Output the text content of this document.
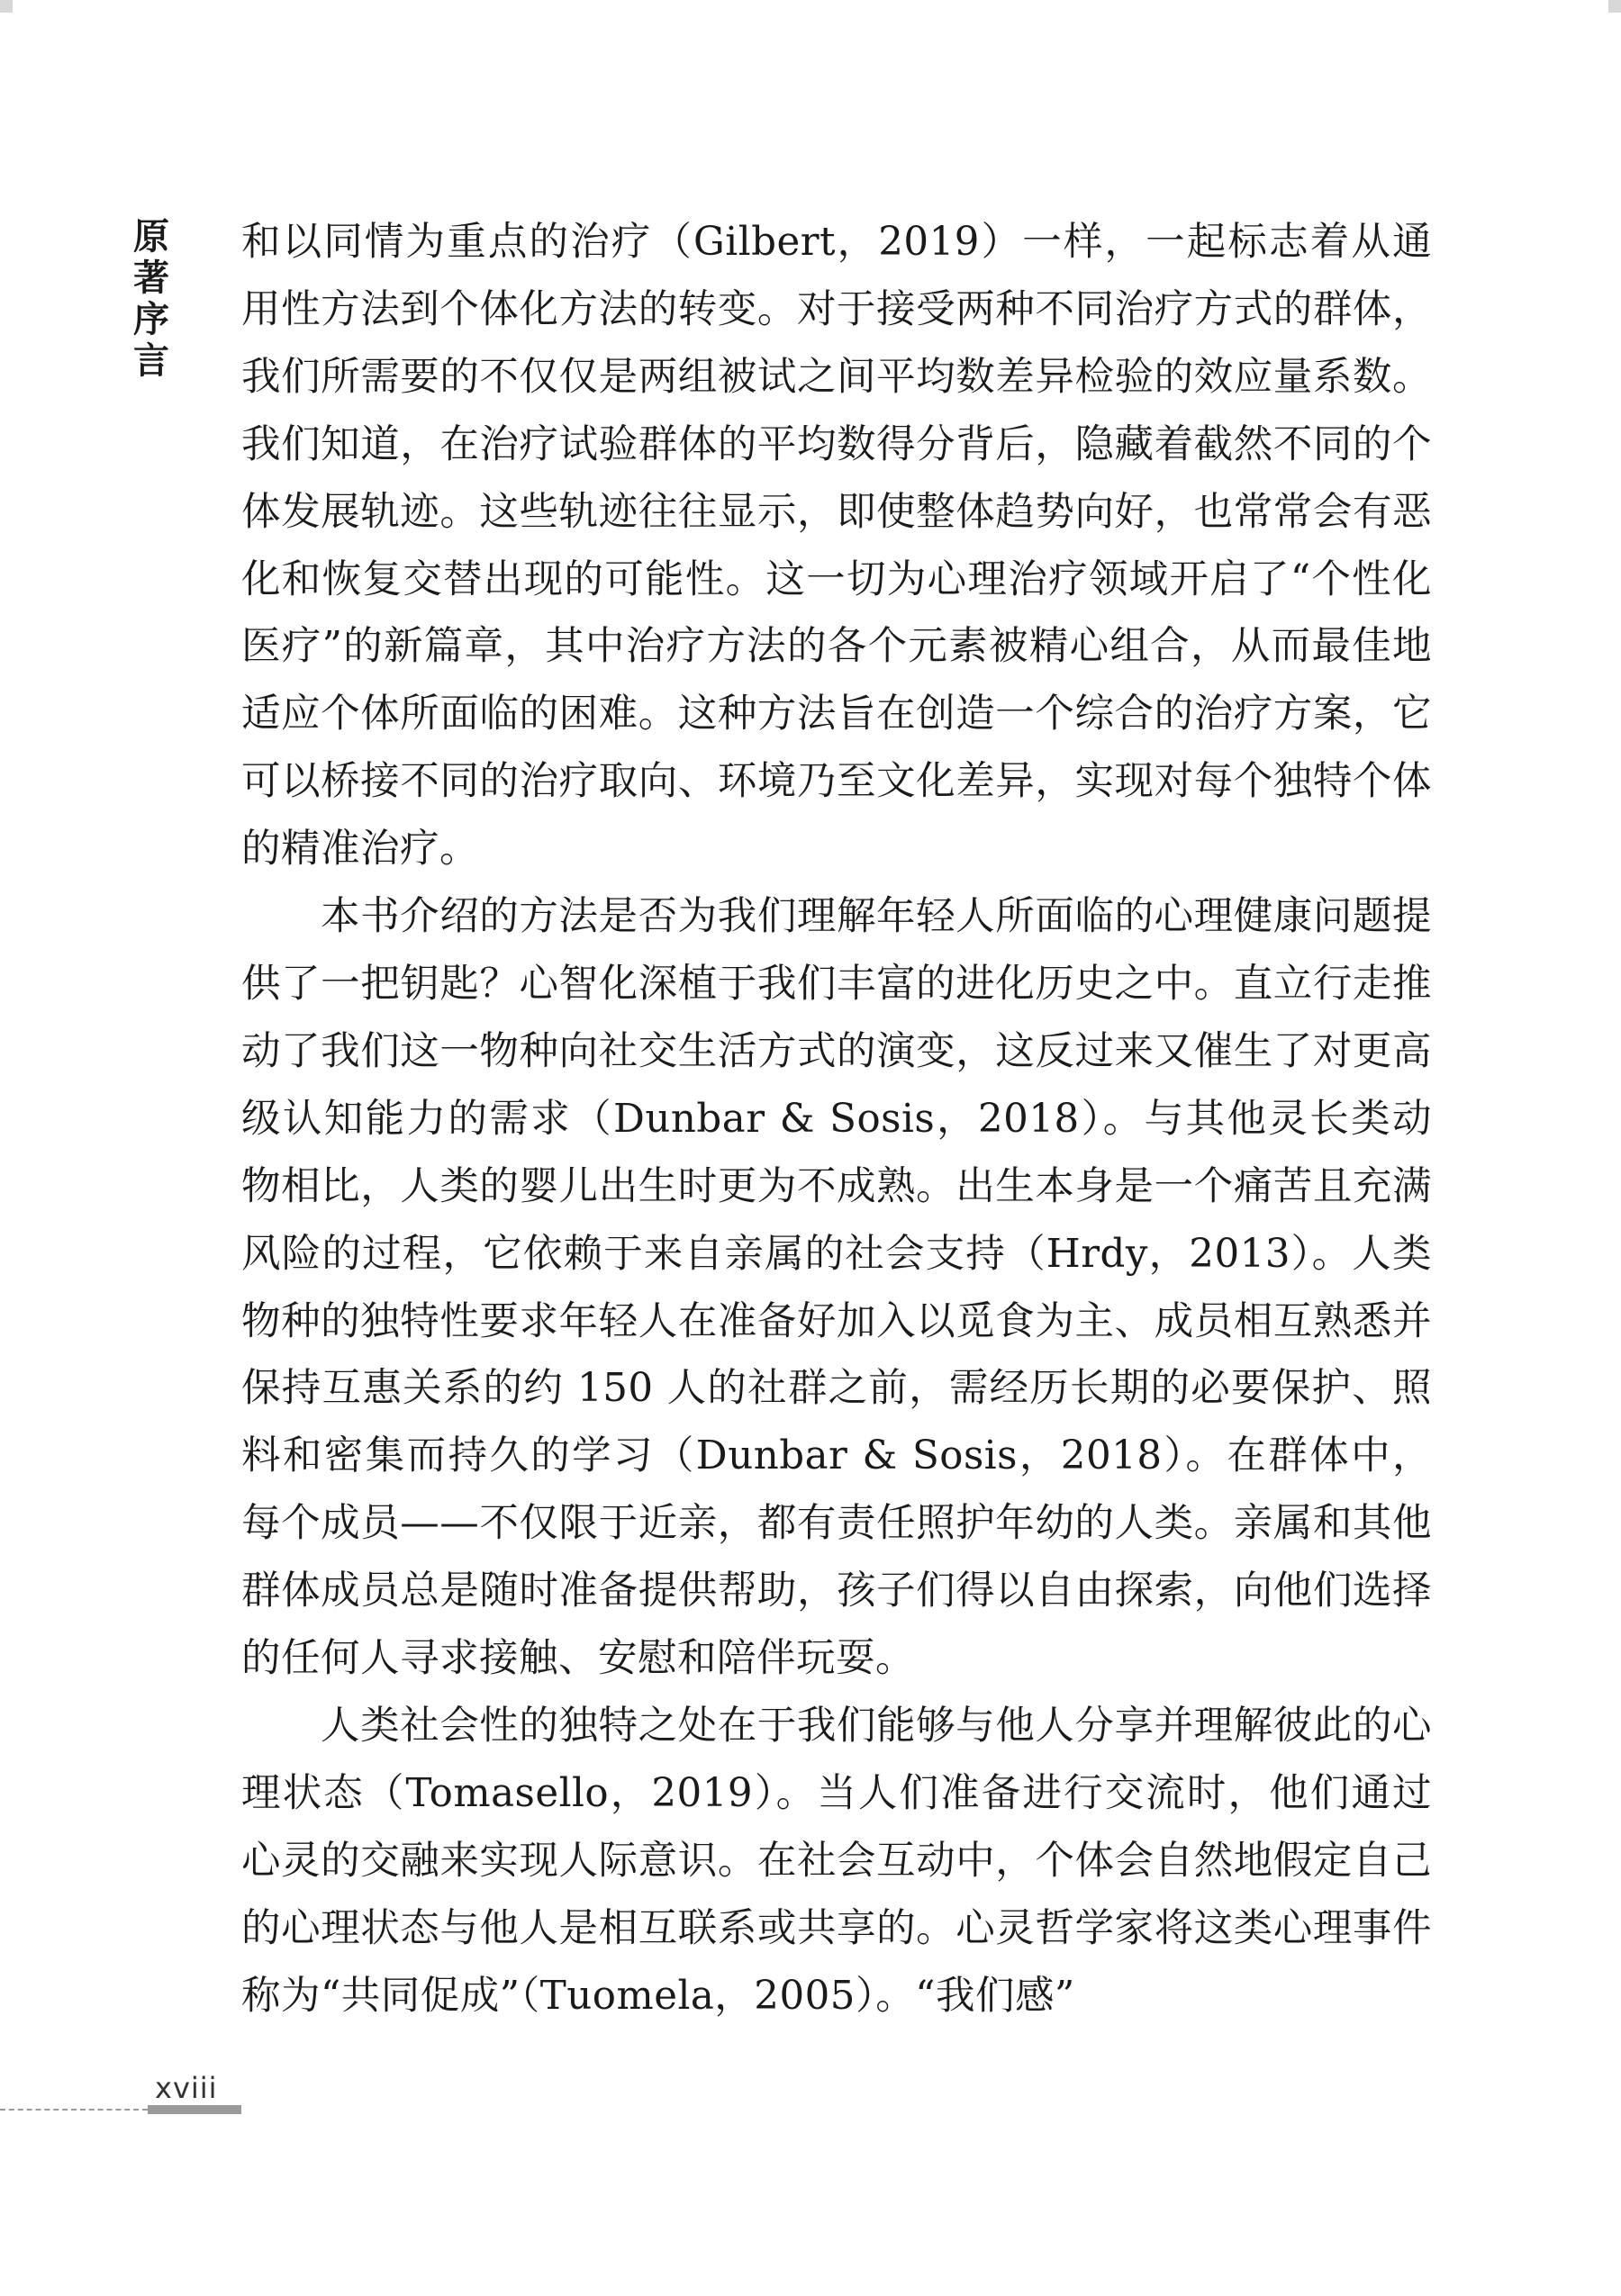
原
著
序
言

和以同情为重点的治疗（Gilbert，2019）一样，一起标志着从通用性方法到个体化方法的转变。对于接受两种不同治疗方式的群体，我们所需要的不仅仅是两组被试之间平均数差异检验的效应量系数。我们知道，在治疗试验群体的平均数得分背后，隐藏着截然不同的个体发展轨迹。这些轨迹往往显示，即使整体趋势向好，也常常会有恶化和恢复交替出现的可能性。这一切为心理治疗领域开启了“个性化医疗”的新篇章，其中治疗方法的各个元素被精心组合，从而最佳地适应个体所面临的困难。这种方法旨在创造一个综合的治疗方案，它可以桥接不同的治疗取向、环境乃至文化差异，实现对每个独特个体的精准治疗。

本书介绍的方法是否为我们理解年轻人所面临的心理健康问题提供了一把钥匙？心智化深植于我们丰富的进化历史之中。直立行走推动了我们这一物种向社交生活方式的演变，这反过来又催生了对更高级认知能力的需求（Dunbar & Sosis，2018）。与其他灵长类动物相比，人类的婴儿出生时更为不成熟。出生本身是一个痛苦且充满风险的过程，它依赖于来自亲属的社会支持（Hrdy，2013）。人类物种的独特性要求年轻人在准备好加入以觅食为主、成员相互熟悉并保持互惠关系的约 150 人的社群之前，需经历长期的必要保护、照料和密集而持久的学习（Dunbar & Sosis，2018）。在群体中，每个成员——不仅限于近亲，都有责任照护年幼的人类。亲属和其他群体成员总是随时准备提供帮助，孩子们得以自由探索，向他们选择的任何人寻求接触、安慰和陪伴玩耍。

人类社会性的独特之处在于我们能够与他人分享并理解彼此的心理状态（Tomasello，2019）。当人们准备进行交流时，他们通过心灵的交融来实现人际意识。在社会互动中，个体会自然地假定自己的心理状态与他人是相互联系或共享的。心灵哲学家将这类心理事件称为“共同促成”（Tuomela，2005）。“我们感”

xviii
